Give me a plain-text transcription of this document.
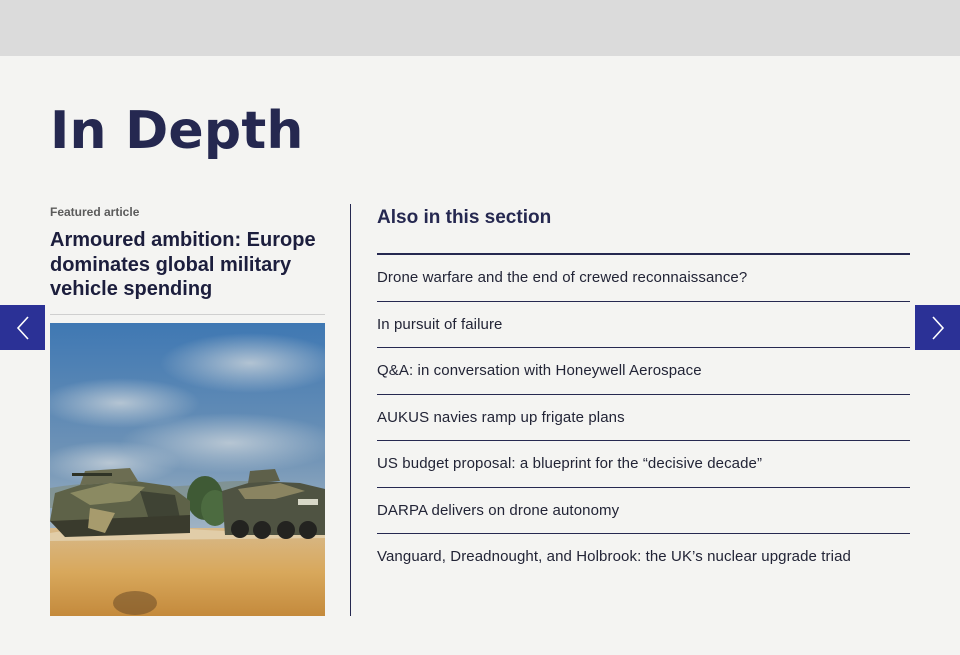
In Depth
Featured article
Armoured ambition: Europe dominates global military vehicle spending
Also in this section
Drone warfare and the end of crewed reconnaissance?
In pursuit of failure
Q&A: in conversation with Honeywell Aerospace
AUKUS navies ramp up frigate plans
US budget proposal: a blueprint for the “decisive decade”
DARPA delivers on drone autonomy
Vanguard, Dreadnought, and Holbrook: the UK’s nuclear upgrade triad
